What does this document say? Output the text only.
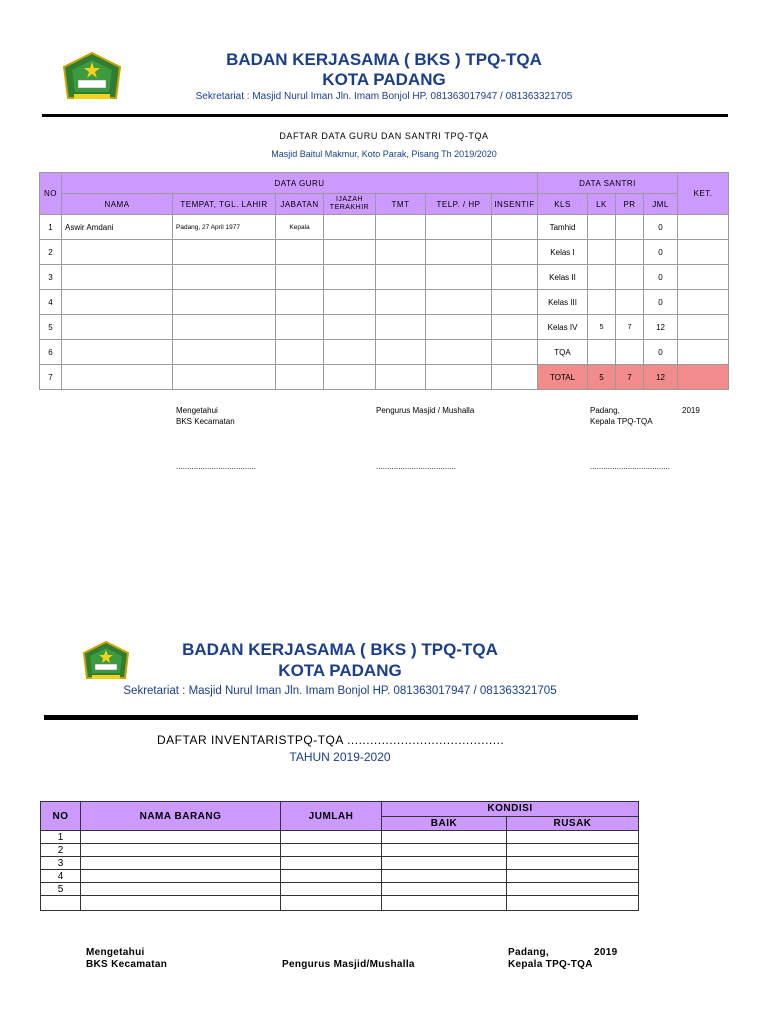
BADAN KERJASAMA ( BKS ) TPQ-TQA
KOTA PADANG
Sekretariat : Masjid Nurul Iman Jln. Imam Bonjol HP. 081363017947 / 081363321705
DAFTAR DATA GURU DAN SANTRI TPQ-TQA
Masjid Baitul Makmur, Koto Parak, Pisang Th 2019/2020
NO	DATA GURU							DATA SANTRI				KET.
	NAMA	TEMPAT, TGL. LAHIR	JABATAN	IJAZAH
TERAKHIR	TMT	TELP. / HP	INSENTIF	KLS	LK	PR	JML	
1	Aswir Amdani	Padang, 27 April 1977	Kepala					Tamhid			0	
2								Kelas I			0	
3								Kelas II			0	
4								Kelas III			0	
5								Kelas IV	5	7	12	
6								TQA			0	
7								TOTAL	5	7	12	
Mengetahui
BKS Kecamatan
Pengurus Masjid / Mushalla	Padang,	2019
Kepala TPQ-TQA
....................................	....................................	....................................
BADAN KERJASAMA ( BKS ) TPQ-TQA
KOTA PADANG
Sekretariat : Masjid Nurul Iman Jln. Imam Bonjol HP. 081363017947 / 081363321705
DAFTAR INVENTARISTPQ-TQA .........................................
TAHUN 2019-2020
NO	NAMA BARANG	JUMLAH	KONDISI	
			BAIK	RUSAK
1				
2				
3				
4				
5				

Mengetahui
BKS Kecamatan	Pengurus Masjid/Mushalla
Padang,	2019
Kepala TPQ-TQA
